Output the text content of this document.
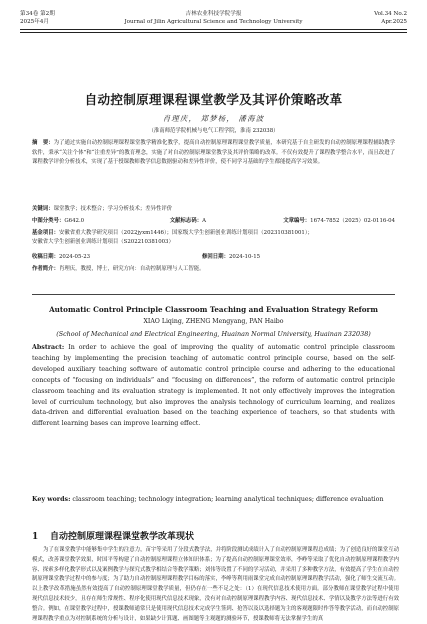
第34卷 第2期
2025年4月
吉林农业科技学院学报
Journal of Jilin Agricultural Science and Technology University
Vol.34 No.2
Apr.2025
自动控制原理课程课堂教学及其评价策略改革
肖理庆， 郑梦杨， 潘海波
（淮南师范学院机械与电气工程学院，淮南 232038）
摘　要：为了通过实施自动控制原理课程课堂教学精准化教学，提高自动控制原理课程课堂教学质量，本研究基于自主研发的自动控制原理课程辅助教学软件，秉承“关注个体”和“注重差异”的教育理念，实施了对自动控制原理课堂教学及其评价策略的改革。不仅有效提升了课程教学整合水平，而且改进了课程教学评价分析技术，实现了基于授课教师教学信息数据驱动和差异性评价，使不同学习基础的学生都能提高学习效果。
关键词：课堂教学；技术整合；学习分析技术；差异性评价
中图分类号：G642.0	文献标志码：A	文章编号：1674-7852（2025）02-0116-04
基金项目：安徽省重大教学研究项目（2022jyxm1446）；国家级大学生创新创业训练计划项目（202310381001）；
安徽省大学生创新创业训练计划项目（S202210381003）
收稿日期：2024-05-23	修回日期：2024-10-15
作者简介：肖理庆，教授，博士，研究方向：自动控制原理与人工智能。
Automatic Control Principle Classroom Teaching and Evaluation Strategy Reform
XIAO Liqing, ZHENG Mengyang, PAN Haibo
(School of Mechanical and Electrical Engineering, Huainan Normal University, Huainan 232038)
Abstract: In order to achieve the goal of improving the quality of automatic control principle classroom teaching by implementing the precision teaching of automatic control principle course, based on the self-developed auxiliary teaching software of automatic control principle course and adhering to the educational concepts of “focusing on individuals” and “focusing on differences”, the reform of automatic control principle classroom teaching and its evaluation strategy is implemented. It not only effectively improves the integration level of curriculum technology, but also improves the analysis technology of curriculum learning, and realizes data-driven and differential evaluation based on the teaching experience of teachers, so that students with different learning bases can improve learning effect.
Key words: classroom teaching; technology integration; learning analytical techniques; difference evaluation
1 自动控制原理课程课堂教学改革现状
为了在课堂教学中能够集中学生的注意力，苗宇等采用了分段式教学法，并将阶段测试成绩计入了自动控制原理课程总成绩；为了创造良好的课堂互动模式，改善课堂教学效果，时国平等构建了自动控制原理课程立体知识体系；为了提高自动控制原理课堂效率，李峥等采取了优化自动控制原理课程教学内容、探索多样化教学形式以及案例教学与探究式教学相结合等教学策略；刘伟等设置了不同的学习活动，并采用了多种教学方法，有效提高了学生在自动控制原理课堂教学过程中的参与度；为了助力自动控制原理课程教学目标的落实，李峥等利用雨课堂完成自动控制原理课程教学活动，强化了师生交流互动。以上教学改革措施虽然有效提高了自动控制原理课堂教学质量，但仍存在一些不足之处：（1）在现代信息技术使用方面。部分教师在课堂教学过程中使用现代信息技术较少，且存在师生常规性、程序化使用现代信息技术现象，没有对自动控制原理课程教学内容、现代信息技术、学情以及教学方法等进行有效整合。例如，在课堂教学过程中，授课教师通常只是使用现代信息技术完成学生签到、抢答以及以选择题为主的客观题限时作答等教学活动，而自动控制原理课程教学重点为对控制系统的分析与设计，如果缺少计算题、画图题等主观题的测验环节，授课教师将无法掌握学生的真
